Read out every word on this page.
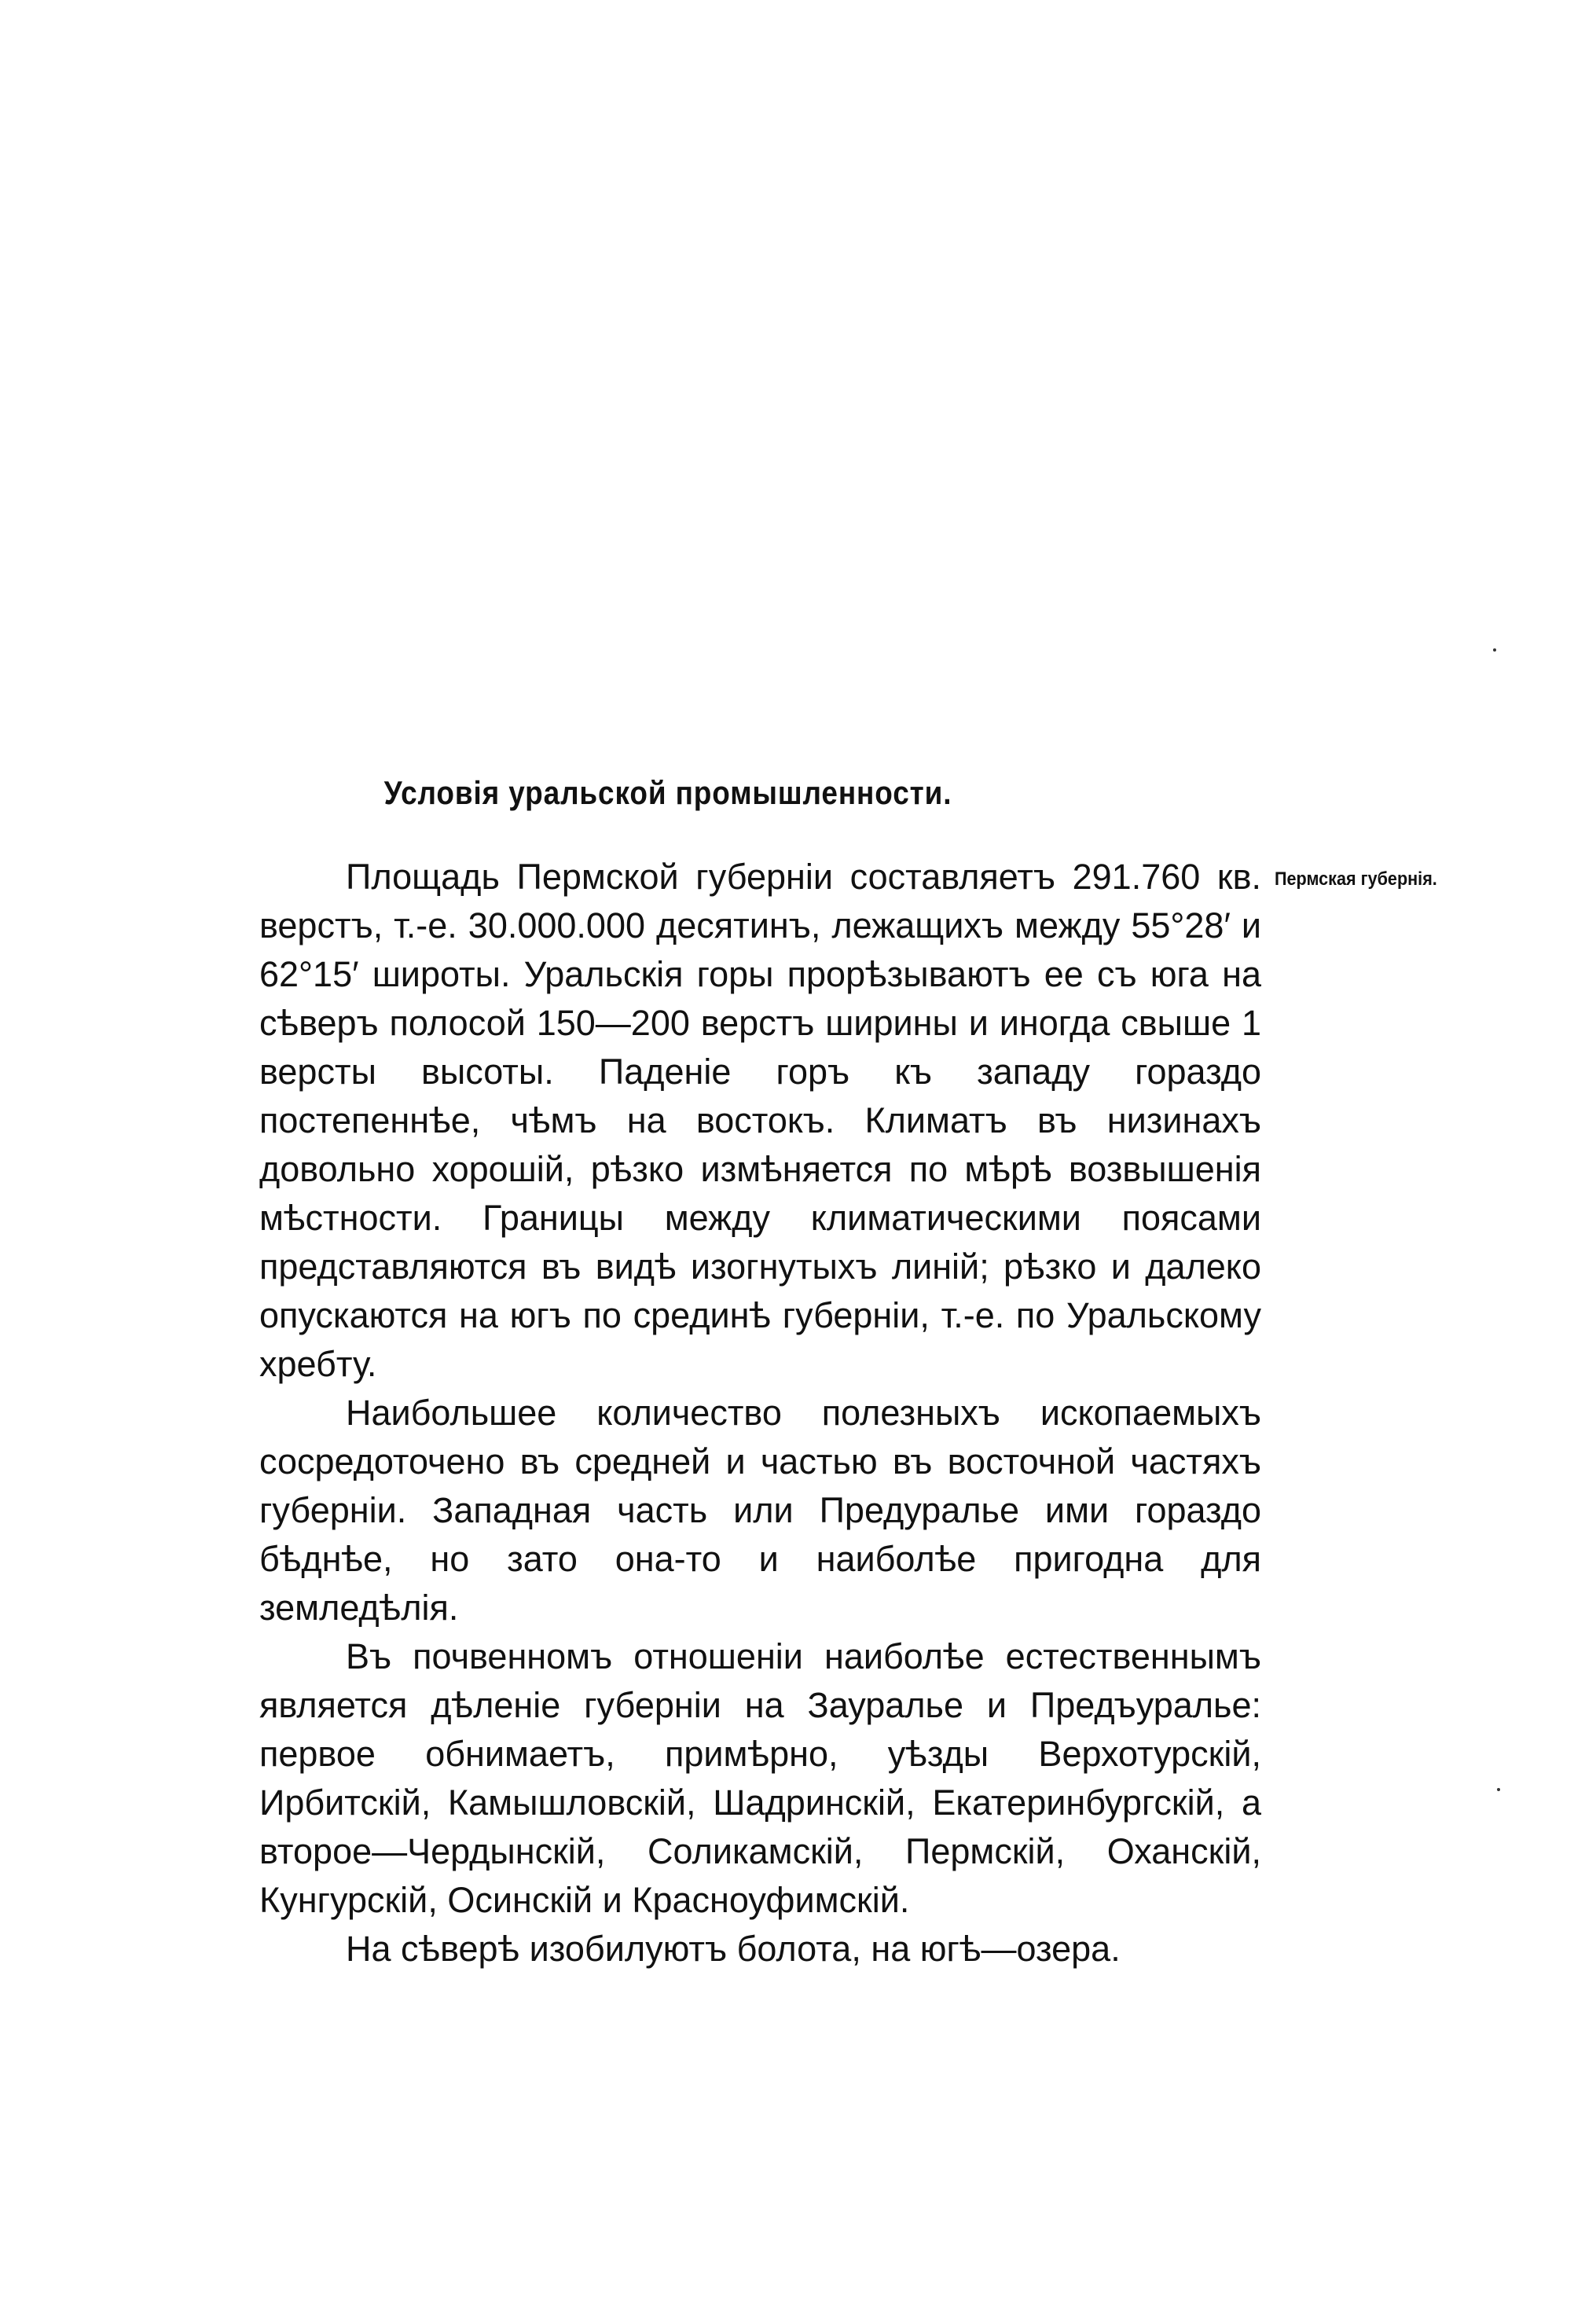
Условія уральской промышленности.
Пермская губернія.

Площадь Пермской губерніи составляетъ 291.760 кв. верстъ, т.-е. 30.000.000 десятинъ, лежащихъ между 55°28′ и 62°15′ широты. Уральскія горы прорѣзываютъ ее съ юга на сѣверъ полосой 150—200 верстъ ширины и иногда свыше 1 версты высоты. Паденіе горъ къ западу гораздо постепеннѣе, чѣмъ на востокъ. Климатъ въ низинахъ довольно хорошій, рѣзко измѣняется по мѣрѣ возвышенія мѣстности. Границы между климатическими поясами представляются въ видѣ изогнутыхъ линій; рѣзко и далеко опускаются на югъ по срединѣ губерніи, т.-е. по Уральскому хребту.

Наибольшее количество полезныхъ ископаемыхъ сосредоточено въ средней и частью въ восточной частяхъ губерніи. Западная часть или Предуралье ими гораздо бѣднѣе, но зато она-то и наиболѣе пригодна для земледѣлія.

Въ почвенномъ отношеніи наиболѣе естественнымъ является дѣленіе губерніи на Зауралье и Предъуралье: первое обнимаетъ, примѣрно, уѣзды Верхотурскій, Ирбитскій, Камышловскій, Шадринскій, Екатеринбургскій, а второе—Чердынскій, Соликамскій, Пермскій, Оханскій, Кунгурскій, Осинскій и Красноуфимскій.

На сѣверѣ изобилуютъ болота, на югѣ—озера.
